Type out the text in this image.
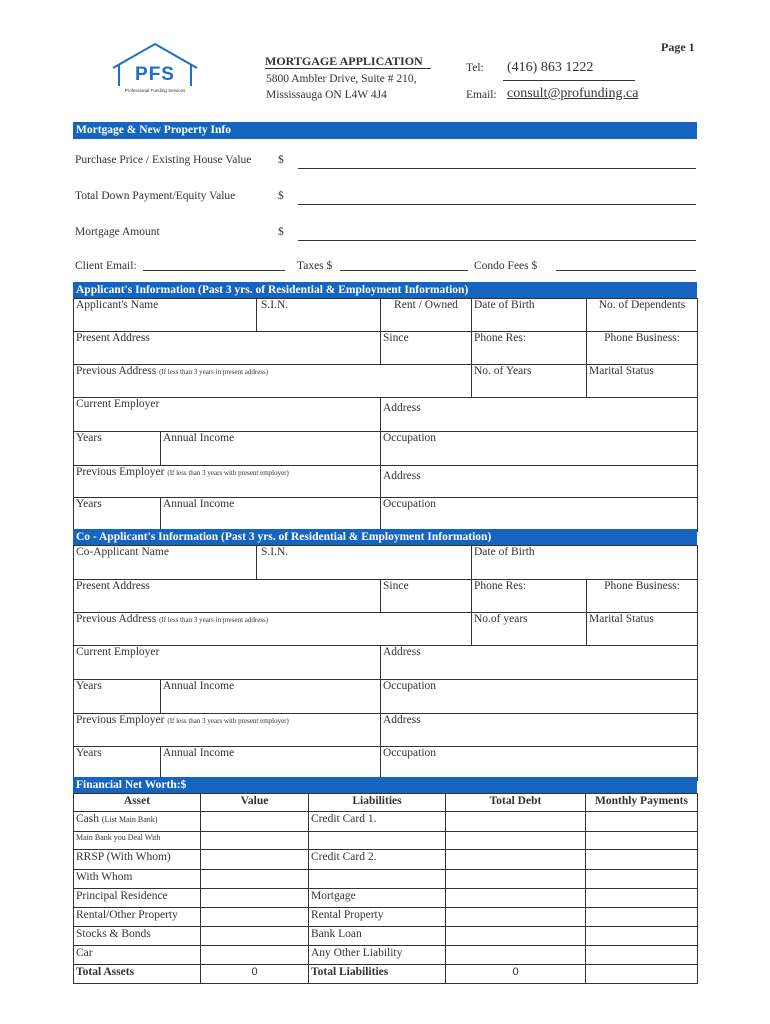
Page 1
PFS
Professional Funding Services
MORTGAGE APPLICATION
5800 Ambler Drive, Suite # 210,
Mississauga ON L4W 4J4
Tel: (416) 863 1222
Email: consult@profunding.ca
Mortgage & New Property Info
Purchase Price / Existing House Value $
Total Down Payment/Equity Value	$
Mortgage Amount	$
Client Email:	Taxes $	Condo Fees $
Applicant's Information (Past 3 yrs. of Residential & Employment Information)
Applicant's Name	S.I.N.	Rent / Owned	Date of Birth	No. of Dependents
Present Address		Since	Phone Res:	Phone Business:
Previous Address (If less than 3 years in present address)			No. of Years	Marital Status
Current Employer		Address		

Years Annual Income		Occupation		
Previous Employer (If less than 3 years with present employer)		Address		

Years Annual Income		Occupation		
Co - Applicant's Information (Past 3 yrs. of Residential & Employment Information)
Co-Applicant Name	S.I.N.		Date of Birth	
Present Address		Since	Phone Res:	Phone Business:
Previous Address (If less than 3 years in present address)			No.of years	Marital Status
Current Employer		Address		

Years Annual Income		Occupation		
Previous Employer (If less than 3 years with present employer)		Address		

Years Annual Income		Occupation		
Financial Net Worth:$
Asset	Value	Liabilities	Total Debt	Monthly Payments
Cash (List Main Bank)		Credit Card 1.		
Main Bank you Deal With				
RRSP (With Whom)		Credit Card 2.		
With Whom				
Principal Residence		Mortgage		
Rental/Other Property		Rental Property		
Stocks & Bonds		Bank Loan		
Car		Any Other Liability		
Total Assets	0	Total Liabilities	0	
